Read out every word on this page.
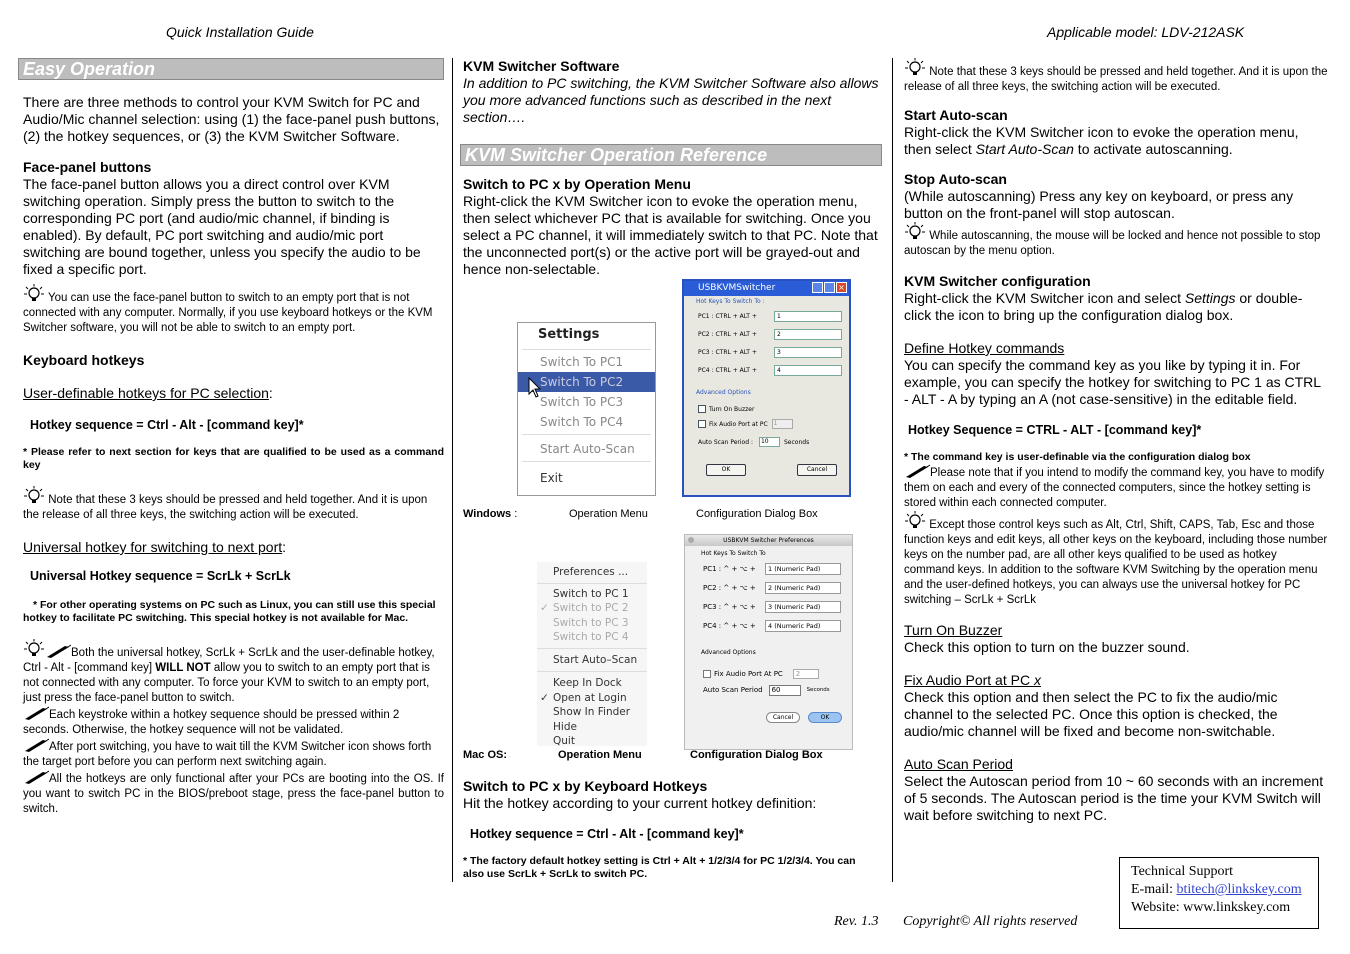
Quick Installation Guide	Applicable model: LDV-212ASK
Easy Operation

There are three methods to control your KVM Switch for PC and Audio/Mic channel selection: using (1) the face-panel push buttons, (2) the hotkey sequences, or (3) the KVM Switcher Software.

Face-panel buttons

The face-panel button allows you a direct control over KVM switching operation. Simply press the button to switch to the corresponding PC port (and audio/mic channel, if binding is enabled). By default, PC port switching and audio/mic port switching are bound together, unless you specify the audio to be fixed a specific port.

You can use the face-panel button to switch to an empty port that is not connected with any computer. Normally, if you use keyboard hotkeys or the KVM Switcher software, you will not be able to switch to an empty port.

Keyboard hotkeys

User-definable hotkeys for PC selection:

Hotkey sequence = Ctrl - Alt - [command key]*

* Please refer to next section for keys that are qualified to be used as a command key

Note that these 3 keys should be pressed and held together. And it is upon the release of all three keys, the switching action will be executed.

Universal hotkey for switching to next port:

Universal Hotkey sequence = ScrLk + ScrLk

* For other operating systems on PC such as Linux, you can still use this special hotkey to facilitate PC switching. This special hotkey is not available for Mac.

Both the universal hotkey, ScrLk + ScrLk and the user-definable hotkey, Ctrl - Alt - [command key] WILL NOT allow you to switch to an empty port that is not connected with any computer. To force your KVM to switch to an empty port, just press the face-panel button to switch.

Each keystroke within a hotkey sequence should be pressed within 2 seconds. Otherwise, the hotkey sequence will not be validated.

After port switching, you have to wait till the KVM Switcher icon shows forth the target port before you can perform next switching again.

All the hotkeys are only functional after your PCs are booting into the OS. If you want to switch PC in the BIOS/preboot stage, press the face-panel button to switch.

KVM Switcher Software

In addition to PC switching, the KVM Switcher Software also allows you more advanced functions such as described in the next section….

KVM Switcher Operation Reference

Switch to PC x by Operation Menu

Right-click the KVM Switcher icon to evoke the operation menu, then select whichever PC that is available for switching. Once you select a PC channel, it will immediately switch to that PC. Note that the unconnected port(s) or the active port will be grayed-out and hence non-selectable.

Settings
Switch To PC1
Switch To PC2
Switch To PC3
Switch To PC4
Start Auto-Scan
Exit
USBKVMSwitcher	×
Hot Keys To Switch To :
PC1 : CTRL + ALT +	1
PC2 : CTRL + ALT +	2
PC3 : CTRL + ALT +	3
PC4 : CTRL + ALT +	4
Advanced Options
Turn On Buzzer
Fix Audio Port at PC	1
Auto Scan Period :	10	Seconds
OK	Cancel
Windows :	Operation Menu	Configuration Dialog Box
Preferences ...
Switch to PC 1
✓ Switch to PC 2
Switch to PC 3
Switch to PC 4
Start Auto–Scan
Keep In Dock
✓ Open at Login
Show In Finder
Hide
Quit
USBKVM Switcher Preferences
Hot Keys To Switch To
PC1 : ^ + ⌥ +	1 (Numeric Pad)
PC2 : ^ + ⌥ +	2 (Numeric Pad)
PC3 : ^ + ⌥ +	3 (Numeric Pad)
PC4 : ^ + ⌥ +	4 (Numeric Pad)
Advanced Options
Fix Audio Port At PC	2
Auto Scan Period	60	Seconds
Cancel	OK
Mac OS:	Operation Menu	Configuration Dialog Box

Switch to PC x by Keyboard Hotkeys

Hit the hotkey according to your current hotkey definition:

Hotkey sequence = Ctrl - Alt - [command key]*

* The factory default hotkey setting is Ctrl + Alt + 1/2/3/4 for PC 1/2/3/4. You can also use ScrLk + ScrLk to switch PC.

Note that these 3 keys should be pressed and held together. And it is upon the release of all three keys, the switching action will be executed.

Start Auto-scan

Right-click the KVM Switcher icon to evoke the operation menu, then select Start Auto-Scan to activate autoscanning.

Stop Auto-scan

(While autoscanning) Press any key on keyboard, or press any button on the front-panel will stop autoscan.

While autoscanning, the mouse will be locked and hence not possible to stop autoscan by the menu option.

KVM Switcher configuration

Right-click the KVM Switcher icon and select Settings or double-click the icon to bring up the configuration dialog box.

Define Hotkey commands

You can specify the command key as you like by typing it in. For example, you can specify the hotkey for switching to PC 1 as CTRL - ALT - A by typing an A (not case-sensitive) in the editable field.

Hotkey Sequence = CTRL - ALT - [command key]*

* The command key is user-definable via the configuration dialog box

Please note that if you intend to modify the command key, you have to modify them on each and every of the connected computers, since the hotkey setting is stored within each connected computer.

Except those control keys such as Alt, Ctrl, Shift, CAPS, Tab, Esc and those function keys and edit keys, all other keys on the keyboard, including those number keys on the number pad, are all other keys qualified to be used as hotkey command keys. In addition to the software KVM Switching by the operation menu and the user-defined hotkeys, you can always use the universal hotkey for PC switching – ScrLk + ScrLk

Turn On Buzzer

Check this option to turn on the buzzer sound.

Fix Audio Port at PC x

Check this option and then select the PC to fix the audio/mic channel to the selected PC. Once this option is checked, the audio/mic channel will be fixed and become non-switchable.

Auto Scan Period

Select the Autoscan period from 10 ~ 60 seconds with an increment of 5 seconds. The Autoscan period is the time your KVM Switch will wait before switching to next PC.

Rev. 1.3 Copyright© All rights reserved
Technical Support
E-mail: btitech@linkskey.com
Website: www.linkskey.com
